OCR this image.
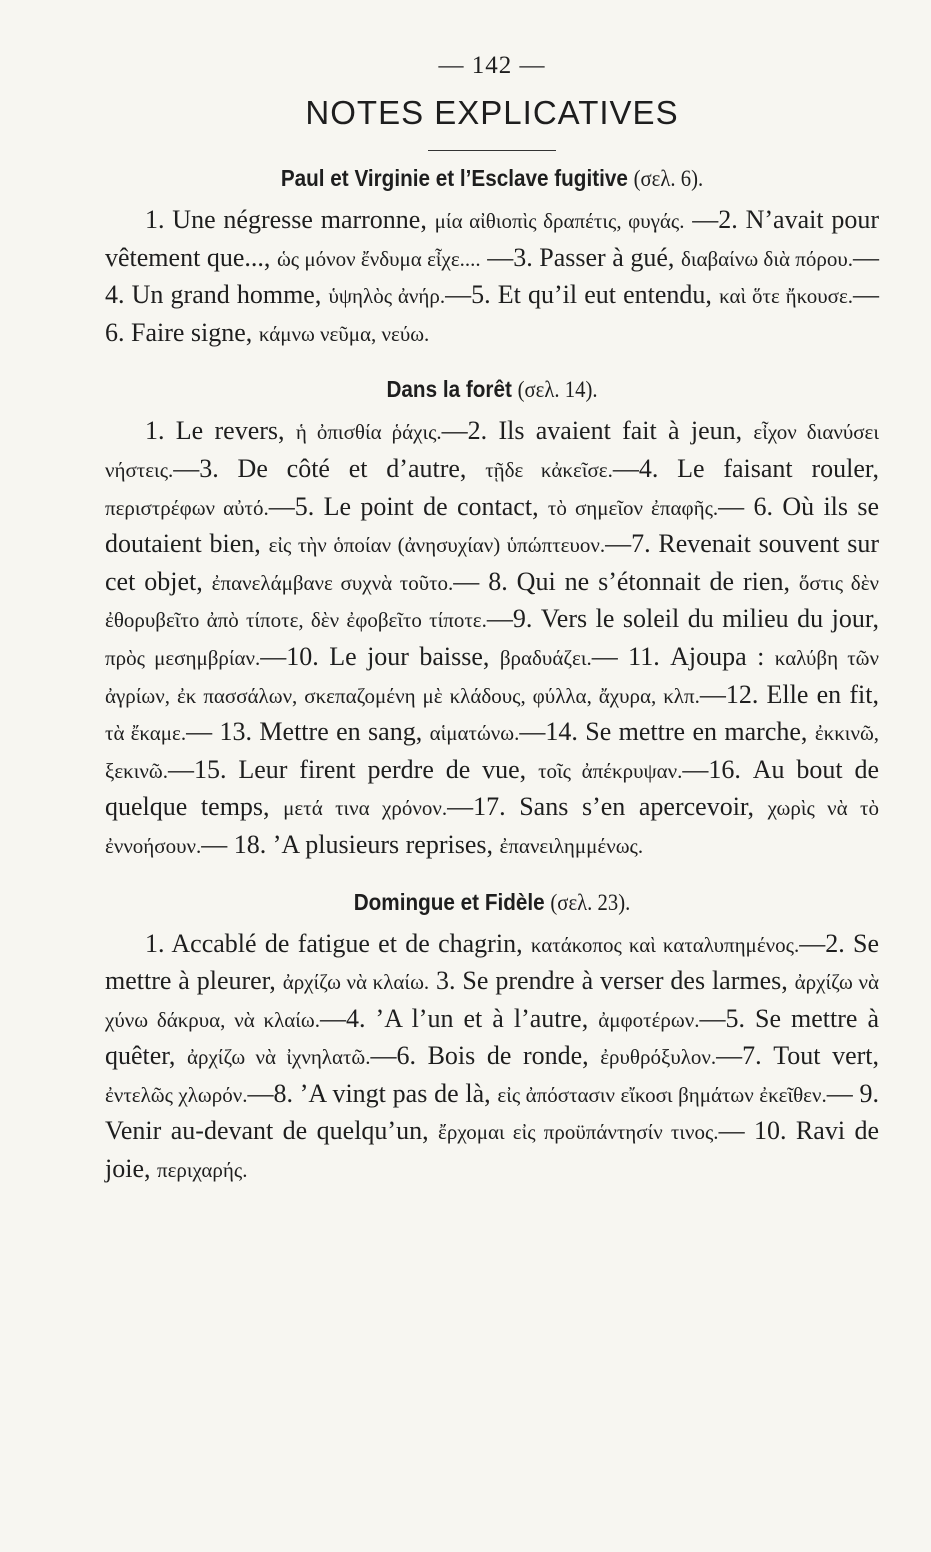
— 142 —
NOTES EXPLICATIVES
Paul et Virginie et l’Esclave fugitive (σελ. 6).

1. Une négresse marronne, μία αἰθιοπὶς δραπέτις, φυγάς. —2. N’avait pour vêtement que..., ὡς μόνον ἔνδυμα εἶχε.... —3. Passer à gué, διαβαίνω διὰ πόρου.—4. Un grand homme, ὑψηλὸς ἀνήρ.—5. Et qu’il eut entendu, καὶ ὅτε ἤκουσε.— 6. Faire signe, κάμνω νεῦμα, νεύω.

Dans la forêt (σελ. 14).

1. Le revers, ἡ ὀπισθία ῥάχις.—2. Ils avaient fait à jeun, εἶχον διανύσει νήστεις.—3. De côté et d’autre, τῇδε κἀκεῖσε.—4. Le faisant rouler, περιστρέφων αὐτό.—5. Le point de contact, τὸ σημεῖον ἐπαφῆς.— 6. Où ils se doutaient bien, εἰς τὴν ὁποίαν (ἀνησυχίαν) ὑπώπτευον.—7. Revenait souvent sur cet objet, ἐπανελάμβανε συχνὰ τοῦτο.— 8. Qui ne s’étonnait de rien, ὅστις δὲν ἐθορυβεῖτο ἀπὸ τίποτε, δὲν ἐφοβεῖτο τίποτε.—9. Vers le soleil du milieu du jour, πρὸς μεσημβρίαν.—10. Le jour baisse, βραδυάζει.— 11. Ajoupa : καλύβη τῶν ἀγρίων, ἐκ πασσάλων, σκεπαζομένη μὲ κλάδους, φύλλα, ἄχυρα, κλπ.—12. Elle en fit, τὰ ἔκαμε.— 13. Mettre en sang, αἱματώνω.—14. Se mettre en marche, ἐκκινῶ, ξεκινῶ.—15. Leur firent perdre de vue, τοῖς ἀπέκρυψαν.—16. Au bout de quelque temps, μετά τινα χρόνον.—17. Sans s’en apercevoir, χωρὶς νὰ τὸ ἐννοήσουν.— 18. ’A plusieurs reprises, ἐπανειλημμένως.

Domingue et Fidèle (σελ. 23).

1. Accablé de fatigue et de chagrin, κατάκοπος καὶ καταλυπημένος.—2. Se mettre à pleurer, ἀρχίζω νὰ κλαίω. 3. Se prendre à verser des larmes, ἀρχίζω νὰ χύνω δάκρυα, νὰ κλαίω.—4. ’A l’un et à l’autre, ἀμφοτέρων.—5. Se mettre à quêter, ἀρχίζω νὰ ἰχνηλατῶ.—6. Bois de ronde, ἐρυθρόξυλον.—7. Tout vert, ἐντελῶς χλωρόν.—8. ’A vingt pas de là, εἰς ἀπόστασιν εἴκοσι βημάτων ἐκεῖθεν.— 9. Venir au-devant de quelqu’un, ἔρχομαι εἰς προϋπάντησίν τινος.— 10. Ravi de joie, περιχαρής.
